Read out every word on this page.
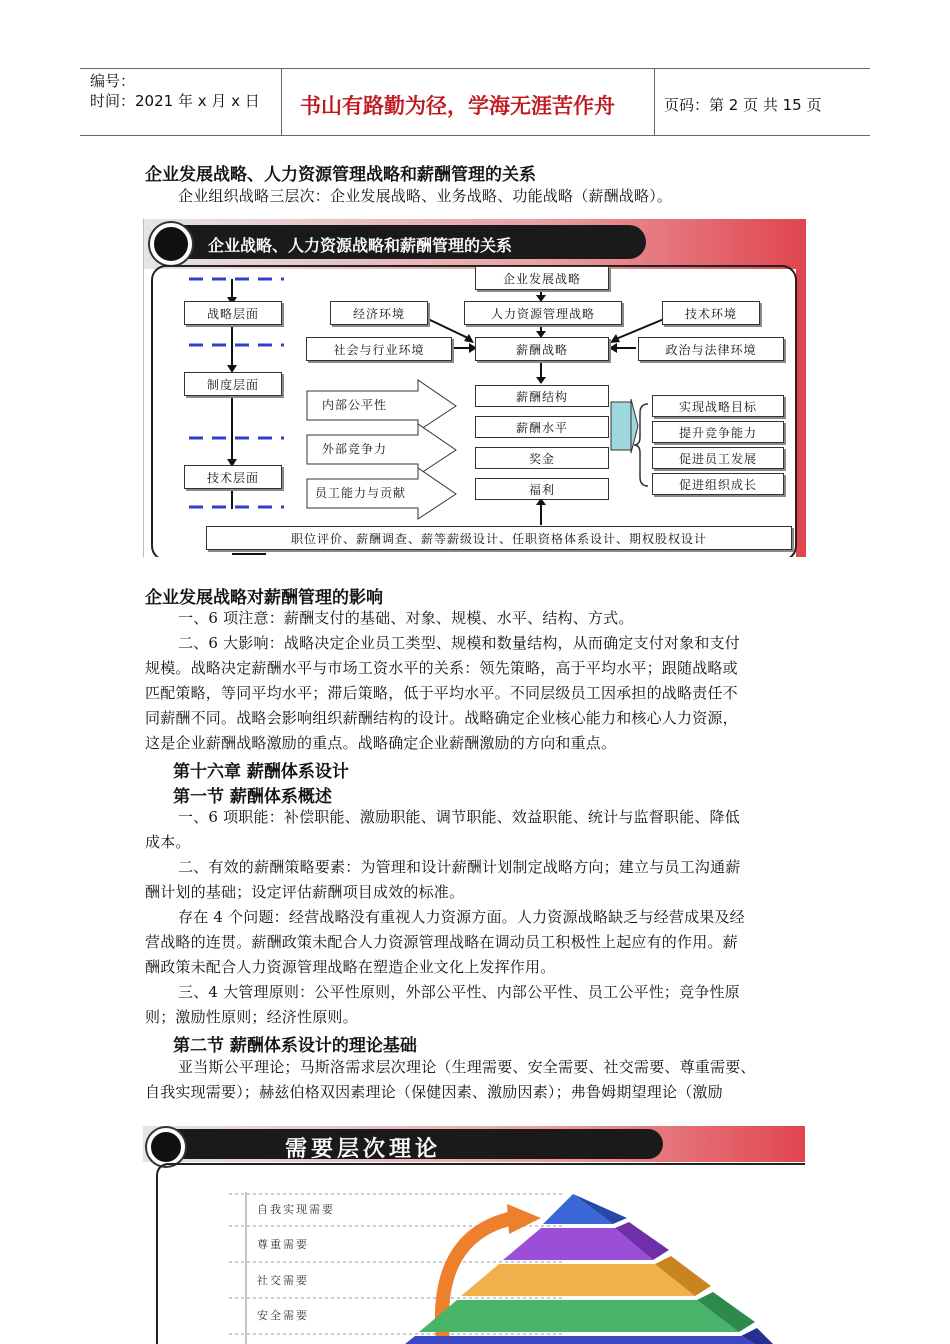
编号：
时间：2021 年 x 月 x 日 书山有路勤为径，学海无涯苦作舟	页码：第 2 页 共 15 页
企业发展战略、人力资源管理战略和薪酬管理的关系
企业组织战略三层次：企业发展战略、业务战略、功能战略（薪酬战略）。
企业战略、人力资源战略和薪酬管理的关系
战略层面
制度层面
技术层面
企业发展战略
人力资源管理战略
经济环境	技术环境
社会与行业环境	薪酬战略	政治与法律环境
内部公平性
外部竞争力
员工能力与贡献
薪酬结构
薪酬水平
奖金
福利
实现战略目标
提升竞争能力
促进员工发展
促进组织成长
职位评价、薪酬调查、薪等薪级设计、任职资格体系设计、期权股权设计
企业发展战略对薪酬管理的影响
一、6 项注意：薪酬支付的基础、对象、规模、水平、结构、方式。
二、6 大影响：战略决定企业员工类型、规模和数量结构，从而确定支付对象和支付
规模。战略决定薪酬水平与市场工资水平的关系：领先策略，高于平均水平；跟随战略或
匹配策略，等同平均水平；滞后策略，低于平均水平。不同层级员工因承担的战略责任不
同薪酬不同。战略会影响组织薪酬结构的设计。战略确定企业核心能力和核心人力资源，
这是企业薪酬战略激励的重点。战略确定企业薪酬激励的方向和重点。
第十六章 薪酬体系设计
第一节 薪酬体系概述
一、6 项职能：补偿职能、激励职能、调节职能、效益职能、统计与监督职能、降低
成本。
二、有效的薪酬策略要素：为管理和设计薪酬计划制定战略方向；建立与员工沟通薪
酬计划的基础；设定评估薪酬项目成效的标准。
存在 4 个问题：经营战略没有重视人力资源方面。人力资源战略缺乏与经营成果及经
营战略的连贯。薪酬政策未配合人力资源管理战略在调动员工积极性上起应有的作用。薪
酬政策未配合人力资源管理战略在塑造企业文化上发挥作用。
三、4 大管理原则：公平性原则，外部公平性、内部公平性、员工公平性；竞争性原
则；激励性原则；经济性原则。
第二节 薪酬体系设计的理论基础
亚当斯公平理论；马斯洛需求层次理论（生理需要、安全需要、社交需要、尊重需要、
自我实现需要）；赫兹伯格双因素理论（保健因素、激励因素）；弗鲁姆期望理论（激励
需要层次理论
自我实现需要
尊重需要
社交需要
安全需要
